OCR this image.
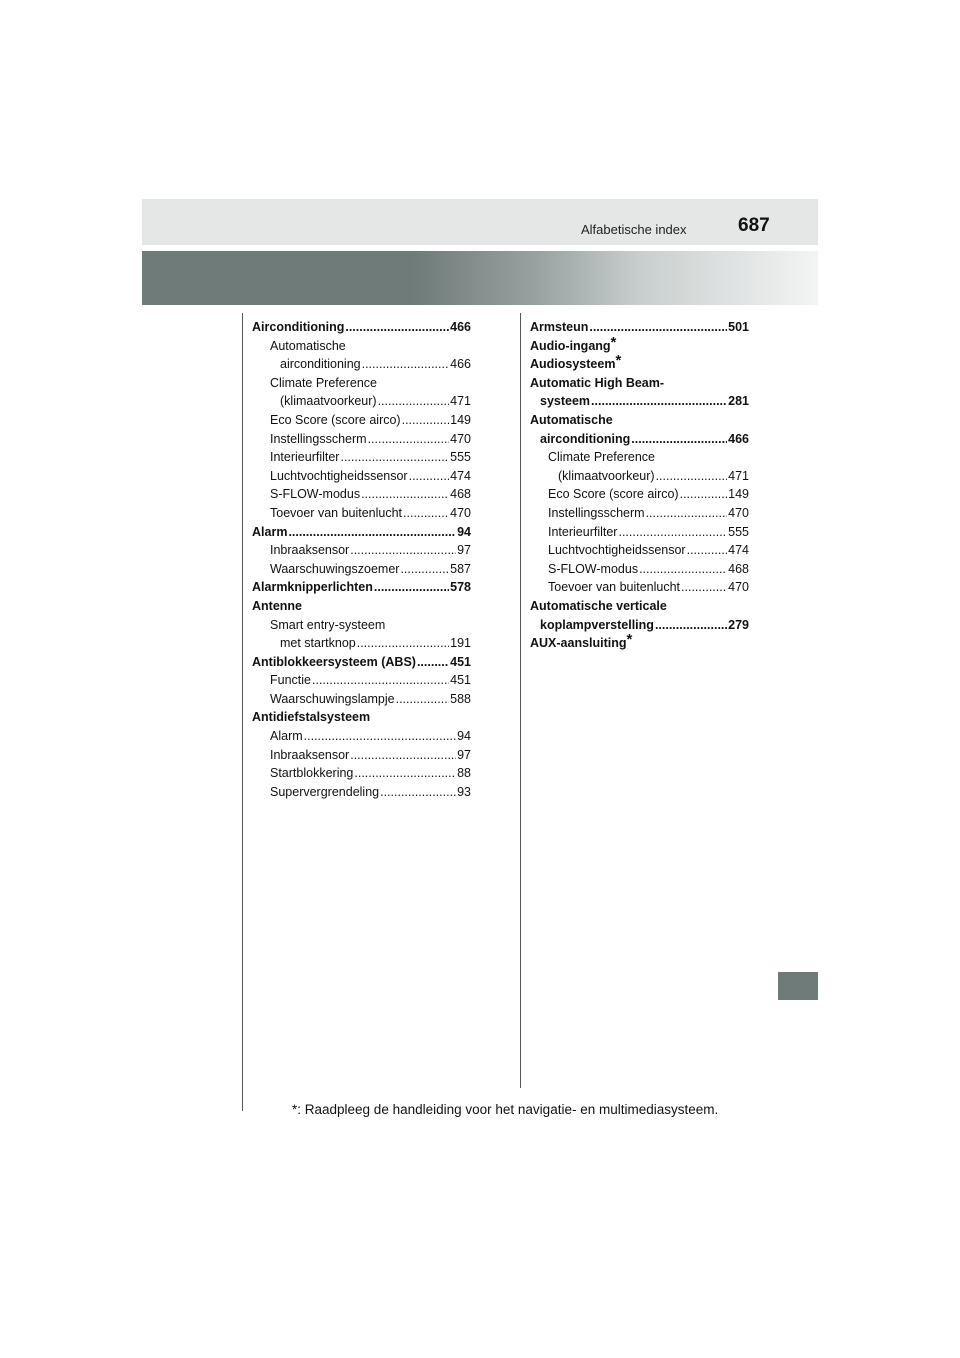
Alfabetische index	687
Airconditioning .....	466
Automatische
airconditioning .....	466
Climate Preference
(klimaatvoorkeur) .....	471
Eco Score (score airco) .....	149
Instellingsscherm .....	470
Interieurfilter .....	555
Luchtvochtigheidssensor .....	474
S-FLOW-modus .....	468
Toevoer van buitenlucht .....	470
Alarm .....	94
Inbraaksensor .....	97
Waarschuwingszoemer .....	587
Alarmknipperlichten .....	578
Antenne
Smart entry-systeem
met startknop .....	191
Antiblokkeersysteem (ABS) .....	451
Functie .....	451
Waarschuwingslampje .....	588
Antidiefstalsysteem
Alarm .....	94
Inbraaksensor .....	97
Startblokkering .....	88
Supervergrendeling .....	93
Armsteun .....	501
Audio-ingang*
Audiosysteem*
Automatic High Beam-
systeem .....	281
Automatische
airconditioning .....	466
Climate Preference
(klimaatvoorkeur) .....	471
Eco Score (score airco) .....	149
Instellingsscherm .....	470
Interieurfilter .....	555
Luchtvochtigheidssensor .....	474
S-FLOW-modus .....	468
Toevoer van buitenlucht .....	470
Automatische verticale
koplampverstelling .....	279
AUX-aansluiting*
*: Raadpleeg de handleiding voor het navigatie- en multimediasysteem.
